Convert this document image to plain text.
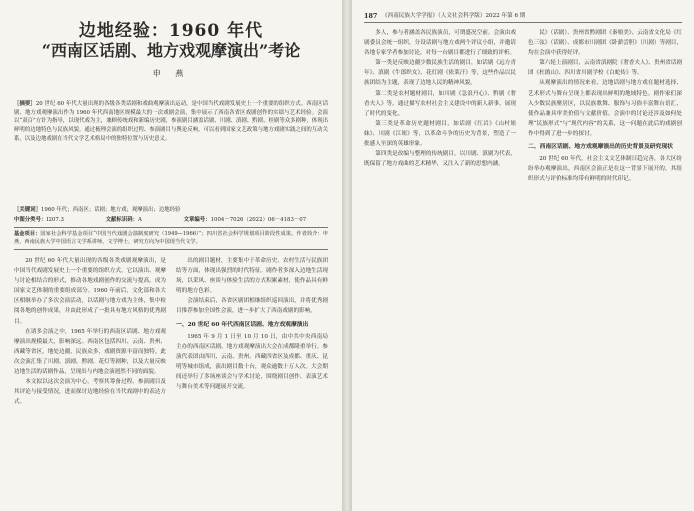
边地经验：1960 年代
“西南区话剧、地方戏观摩演出”考论
申 燕
［摘要］20 世纪 60 年代大量出现的各级各类话剧和戏曲观摩演出运动，是中国当代戏剧发展史上一个重要的组织方式。西南区话剧、地方戏观摩演出作为 1960 年代西南地区规模最大的一次戏剧会演，集中展示了西南各省区戏剧创作的实绩与艺术经验。会演以“双百”方针为指导，以现代戏为主，兼顾传统戏和新编历史剧，参演剧目涵盖话剧、川剧、滇剧、黔剧、桂剧等众多剧种，体现出鲜明的边地特色与民族风貌。通过梳理会演的组织过程、参演剧目与舆论反响，可以看到国家文艺政策与地方戏剧实践之间的互动关系，以及边地戏剧在当代文学艺术格局中的独特位置与历史意义。
［关键词］1960 年代；西南区；话剧；地方戏；观摩演出；边地经验
中图分类号：I207.3	文献标识码：A	文章编号：1004－7026（2022）06－4183－07
基金项目：国家社会科学基金项目“中国当代戏剧会演制度研究（1949—1966）”；四川省社会科学规划项目阶段性成果。作者简介：申燕，西南民族大学中国语言文学系讲师，文学博士，研究方向为中国现当代文学。

20 世纪 60 年代大量出现的各级各类戏剧观摩演出，是中国当代戏剧发展史上一个重要的组织方式。它以演出、观摩与讨论相结合的形式，推动各地戏剧创作的交流与提高，成为国家文艺体制的重要组成部分。1960 年前后，文化部和各大区相继举办了多次会演活动，以话剧与地方戏为主体，集中检阅各地的创作成果，并由此形成了一批具有地方风格的优秀剧目。

在诸多会演之中，1965 年举行的西南区话剧、地方戏观摩演出规模最大，影响深远。西南区包括四川、云南、贵州、西藏等省区，地处边疆，民族众多，戏剧资源丰富而独特。此次会演汇集了川剧、滇剧、黔剧、花灯等剧种，以及大量反映边地生活的话剧作品，呈现出与内地会演迥然不同的面貌。

本文拟以这次会演为中心，考察其筹备过程、参演剧目及其评论与接受情况，进而探讨边地经验在当代戏剧中的表达方式。

出的剧目题材，主要集中于革命历史、农村生活与民族团结等方面，体现出强烈的时代特征。剧作者多深入边地生活现场，以采风、座谈与体验生活的方式积累素材，使作品具有鲜明的地方色彩。

会演结束后，各省区剧团相继组织巡回演出，并将优秀剧目推荐参加全国性会演，进一步扩大了西南戏剧的影响。

一、20 世纪 60 年代西南区话剧、地方戏观摩演出

1965 年 9 月 1 日至 10 月 10 日，由中共中央西南局主办的西南区话剧、地方戏观摩演出大会在成都隆重举行。参演代表团由四川、云南、贵州、西藏四省区及成都、重庆、昆明等城市组成，演出剧目数十台，观众逾数十万人次。大会期间还举行了多场座谈会与学术讨论，围绕剧目创作、表演艺术与舞台美术等问题展开交流。

187 《西南民族大学学报》（人文社会科学版）2022 年第 6 期

多人，参与者涵盖各民族演员，可谓盛况空前。会演由戏剧委员会统一组织，分设话剧与地方戏两个评议小组，并邀请各地专家学者参加讨论，对每一台剧目都进行了细致的评析。

第一类是反映边疆少数民族生活的剧目，如话剧《远方青年》、滇剧《牛郎织女》、花灯剧《依莱汗》等，这些作品以民族团结为主题，表现了边地人民的精神风貌。

第二类是农村题材剧目，如川剧《急浪丹心》、黔剧《奢香夫人》等，通过描写农村社会主义建设中的新人新事，展现了时代的变化。

第三类是革命历史题材剧目，如话剧《红岩》《山村姐妹》、川剧《江姐》等，以革命斗争的历史为背景，塑造了一批感人至深的英雄形象。

第四类是改编与整理的传统剧目，以川剧、滇剧为代表，既保留了地方戏曲的艺术精华，又注入了新的思想内涵。

民》（话剧）、贵州省黔剧团《秦娘美》、云南省文化局《红色三弦》（话剧）、成都市川剧团《卧薪尝胆》（川剧）等剧目，均在会演中获得好评。

第六轮上演剧目，云南省滇剧院《奢香夫人》、贵州省话剧团《杜鹃山》、四川省川剧学校《白蛇传》等。

从观摩演出的情况来看，边地话剧与地方戏在题材选择、艺术形式与舞台呈现上都表现出鲜明的地域特色。剧作家们深入少数民族聚居区，以民族歌舞、服饰与习俗丰富舞台语汇，使作品兼具审美价值与文献价值。会演中的讨论还涉及如何处理“民族形式”与“现代内容”的关系，这一问题在此后的戏剧创作中得到了进一步的探讨。

二、西南区话剧、地方戏观摩演出的历史背景及研究现状

20 世纪 60 年代，社会主义文艺体制日趋完善，各大区纷纷举办观摩演出，西南区会演正是在这一背景下展开的，其组织形式与评价标准均带有鲜明的时代印记。
